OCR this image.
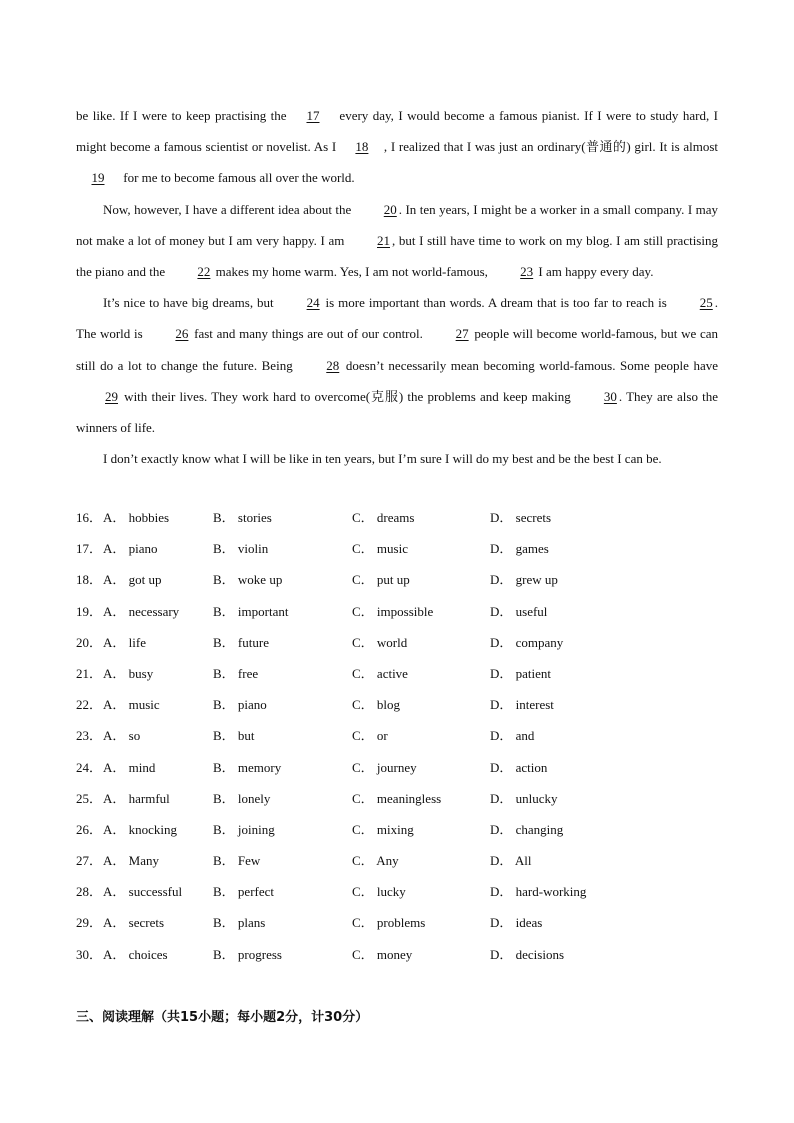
be like. If I were to keep practising the 17 every day, I would become a famous pianist. If I were to study hard, I might become a famous scientist or novelist. As I 18 , I realized that I was just an ordinary(普通的) girl. It is almost 19 for me to become famous all over the world.

Now, however, I have a different idea about the 20 . In ten years, I might be a worker in a small company. I may not make a lot of money but I am very happy. I am 21 , but I still have time to work on my blog. I am still practising the piano and the 22 makes my home warm. Yes, I am not world-famous, 23 I am happy every day.

It’s nice to have big dreams, but 24 is more important than words. A dream that is too far to reach is 25 . The world is 26 fast and many things are out of our control. 27 people will become world-famous, but we can still do a lot to change the future. Being 28 doesn’t necessarily mean becoming world-famous. Some people have 29 with their lives. They work hard to overcome(克服) the problems and keep making 30 . They are also the winners of life.

I don’t exactly know what I will be like in ten years, but I’m sure I will do my best and be the best I can be.

16． A． hobbies	B． stories	C． dreams	D． secrets
17． A． piano	B． violin	C． music	D． games
18． A． got up	B． woke up	C． put up	D． grew up
19． A． necessary	B． important	C． impossible	D． useful
20． A． life	B． future	C． world	D． company
21． A． busy	B． free	C． active	D． patient
22． A． music	B． piano	C． blog	D． interest
23． A． so	B． but	C． or	D． and
24． A． mind	B． memory	C． journey	D． action
25． A． harmful	B． lonely	C． meaningless	D． unlucky
26． A． knocking	B． joining	C． mixing	D． changing
27． A． Many	B． Few	C． Any	D． All
28． A． successful B． perfect	C． lucky	D． hard-working
29． A． secrets	B． plans	C． problems	D． ideas
30． A． choices	B． progress	C． money	D． decisions
三、阅读理解（共15小题；每小题2分，计30分）
